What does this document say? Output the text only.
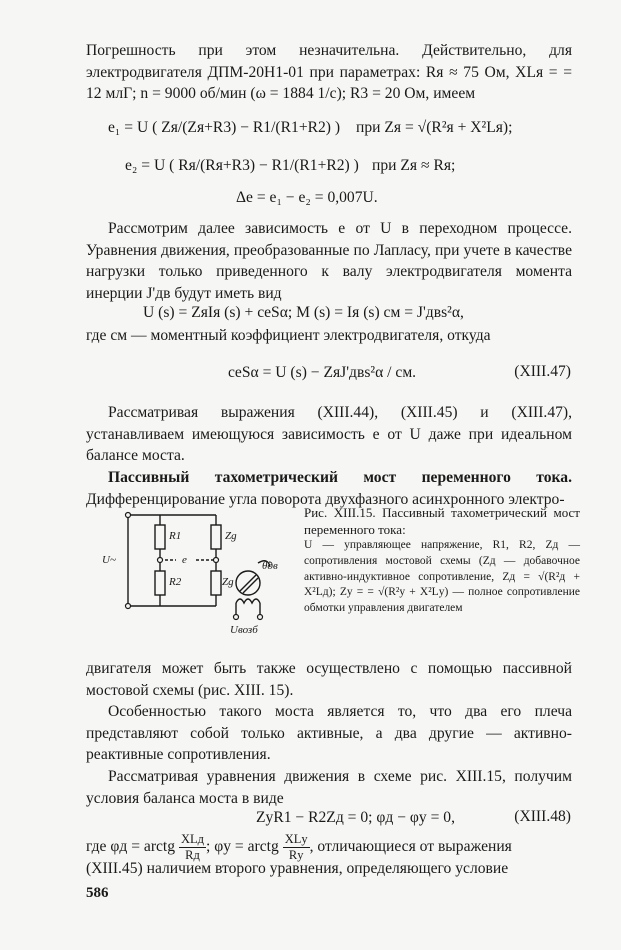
Погрешность при этом незначительна. Действительно, для электродвигателя ДПМ-20Н1-01 при параметрах: Rя ≈ 75 Ом, XLя = = 12 млГ; n = 9000 об/мин (ω = 1884 1/c); R3 = 20 Ом, имеем

e₁ = U ( Zя/(Zя+R3) − R1/(R1+R2) ) при Zя = √(R²я + X²Lя);
e₂ = U ( Rя/(Rя+R3) − R1/(R1+R2) ) при Zя ≈ Rя;
Δe = e₁ − e₂ = 0,007U.

Рассмотрим далее зависимость e от U в переходном процессе. Уравнения движения, преобразованные по Лапласу, при учете в качестве нагрузки только приведенного к валу электродвигателя момента инерции J'дв будут иметь вид

U (s) = ZяIя (s) + ceSα; M (s) = Iя (s) cм = J'двs²α,

где cм — моментный коэффициент электродвигателя, откуда

ceSα = U (s) − ZяJ'двs²α / cм.	(XIII.47)

Рассматривая выражения (XIII.44), (XIII.45) и (XIII.47), устанавливаем имеющуюся зависимость e от U даже при идеальном балансе моста.

Пассивный тахометрический мост переменного тока. Дифференцирование угла поворота двухфазного асинхронного электро-

R1
R2
Zg
Zg
U~	e	θ̇дв
Uвозб
Рис. XIII.15. Пассивный тахометрический мост переменного тока:
U — управляющее напряжение, R1, R2, Zд — сопротивления мостовой схемы (Zд — добавочное активно-индуктивное сопротивление, Zд = √(R²д + X²Lд); Zу = = √(R²у + X²Lу) — полное сопротивление обмотки управления двигателем

двигателя может быть также осуществлено с помощью пассивной мостовой схемы (рис. XIII. 15).

Особенностью такого моста является то, что два его плеча представляют собой только активные, а два другие — активно-реактивные сопротивления.

Рассматривая уравнения движения в схеме рис. XIII.15, получим условия баланса моста в виде

ZуR1 − R2Zд = 0; φд − φу = 0,	(XIII.48)
где φд = arctg $\frac{\text{XLд}}{Rд}$ ; φу = arctg $\frac{\text{XLу}}{Rу}$ , отличающиеся от выражения

(XIII.45) наличием второго уравнения, определяющего условие

586
